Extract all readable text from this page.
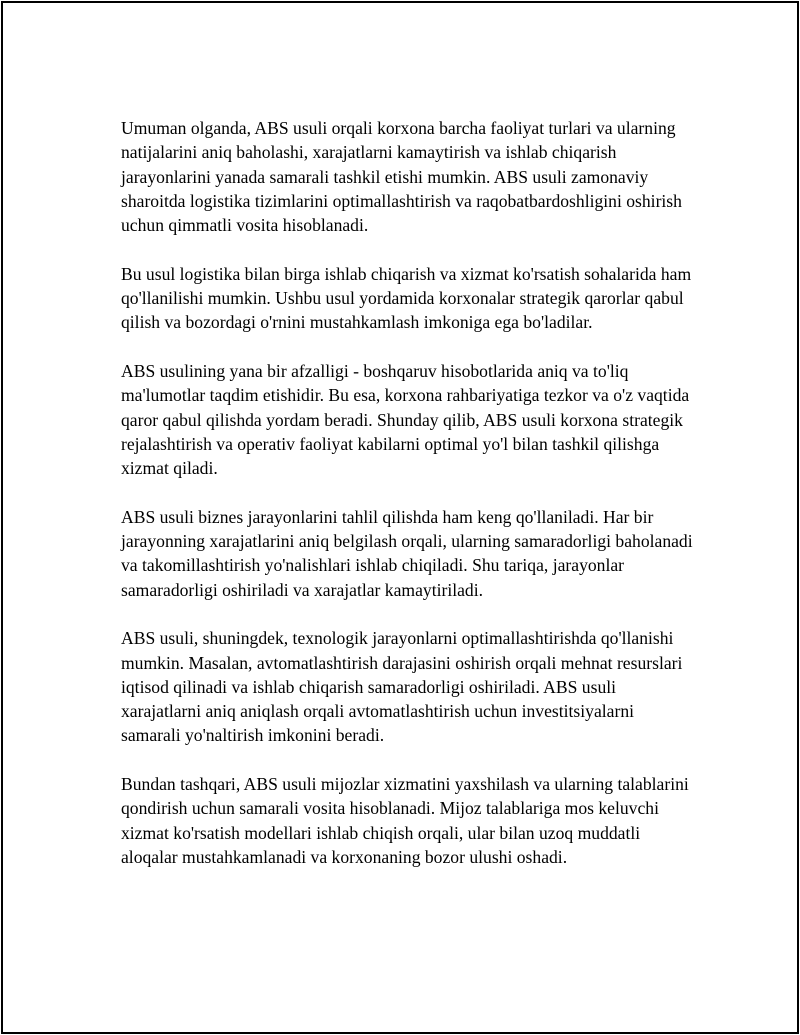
Umuman olganda, ABS usuli orqali korxona barcha faoliyat turlari va ularning natijalarini aniq baholashi, xarajatlarni kamaytirish va ishlab chiqarish jarayonlarini yanada samarali tashkil etishi mumkin. ABS usuli zamonaviy sharoitda logistika tizimlarini optimallashtirish va raqobatbardoshligini oshirish uchun qimmatli vosita hisoblanadi.

Bu usul logistika bilan birga ishlab chiqarish va xizmat ko'rsatish sohalarida ham qo'llanilishi mumkin. Ushbu usul yordamida korxonalar strategik qarorlar qabul qilish va bozordagi o'rnini mustahkamlash imkoniga ega bo'ladilar.

ABS usulining yana bir afzalligi - boshqaruv hisobotlarida aniq va to'liq ma'lumotlar taqdim etishidir. Bu esa, korxona rahbariyatiga tezkor va o'z vaqtida qaror qabul qilishda yordam beradi. Shunday qilib, ABS usuli korxona strategik rejalashtirish va operativ faoliyat kabilarni optimal yo'l bilan tashkil qilishga xizmat qiladi.

ABS usuli biznes jarayonlarini tahlil qilishda ham keng qo'llaniladi. Har bir jarayonning xarajatlarini aniq belgilash orqali, ularning samaradorligi baholanadi va takomillashtirish yo'nalishlari ishlab chiqiladi. Shu tariqa, jarayonlar samaradorligi oshiriladi va xarajatlar kamaytiriladi.

ABS usuli, shuningdek, texnologik jarayonlarni optimallashtirishda qo'llanishi mumkin. Masalan, avtomatlashtirish darajasini oshirish orqali mehnat resurslari iqtisod qilinadi va ishlab chiqarish samaradorligi oshiriladi. ABS usuli xarajatlarni aniq aniqlash orqali avtomatlashtirish uchun investitsiyalarni samarali yo'naltirish imkonini beradi.

Bundan tashqari, ABS usuli mijozlar xizmatini yaxshilash va ularning talablarini qondirish uchun samarali vosita hisoblanadi. Mijoz talablariga mos keluvchi xizmat ko'rsatish modellari ishlab chiqish orqali, ular bilan uzoq muddatli aloqalar mustahkamlanadi va korxonaning bozor ulushi oshadi.
